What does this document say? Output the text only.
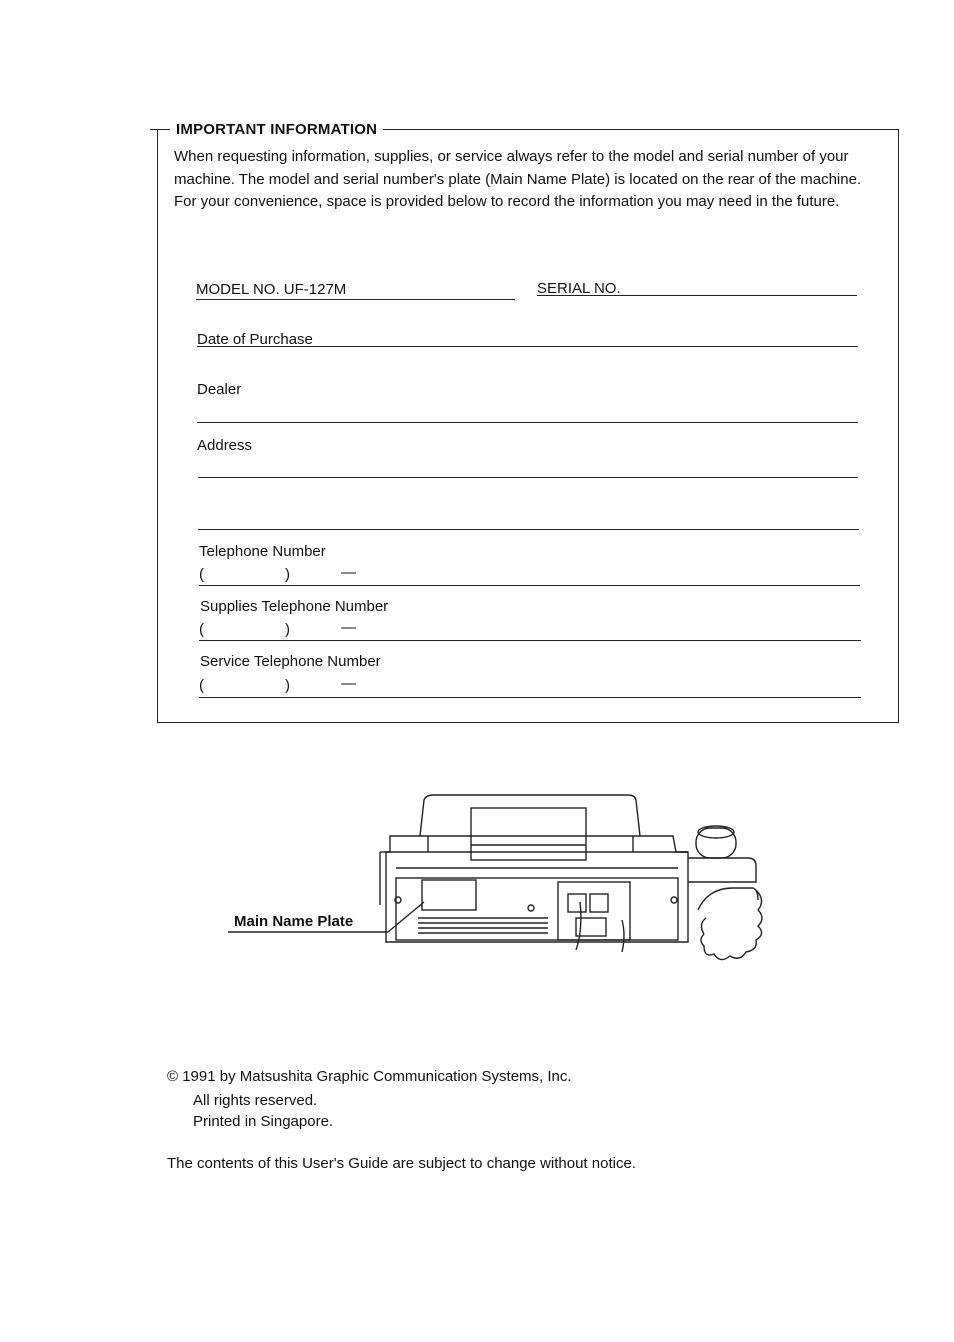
IMPORTANT INFORMATION

When requesting information, supplies, or service always refer to the model and serial number of your machine. The model and serial number's plate (Main Name Plate) is located on the rear of the machine.

For your convenience, space is provided below to record the information you may need in the future.

MODEL NO. UF-127M	SERIAL NO.
Date of Purchase
Dealer
Address
Telephone Number
(	)	—
Supplies Telephone Number
(	)	—
Service Telephone Number
(	)	—
Main Name Plate
© 1991 by Matsushita Graphic Communication Systems, Inc.
All rights reserved.
Printed in Singapore.
The contents of this User's Guide are subject to change without notice.
